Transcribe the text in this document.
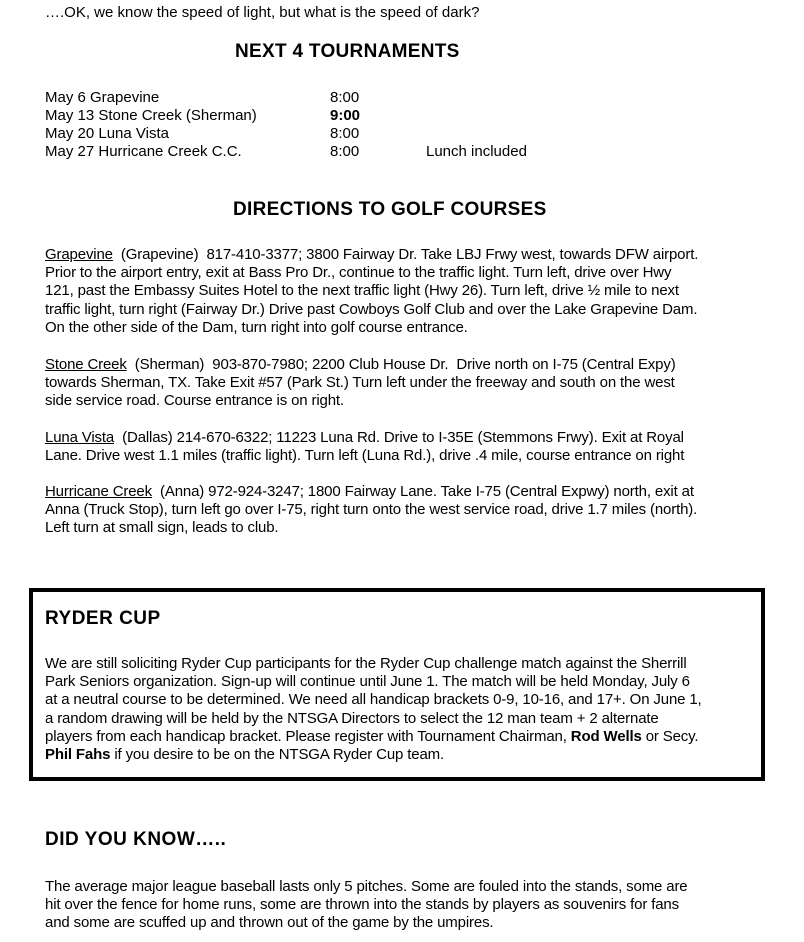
….OK, we know the speed of light, but what is the speed of dark?
NEXT 4 TOURNAMENTS
May 6 Grapevine	8:00
May 13 Stone Creek (Sherman)	9:00
May 20 Luna Vista	8:00
May 27 Hurricane Creek C.C.	8:00	Lunch included
DIRECTIONS TO GOLF COURSES
Grapevine  (Grapevine)  817-410-3377; 3800 Fairway Dr. Take LBJ Frwy west, towards DFW airport.
Prior to the airport entry, exit at Bass Pro Dr., continue to the traffic light. Turn left, drive over Hwy
121, past the Embassy Suites Hotel to the next traffic light (Hwy 26). Turn left, drive ½ mile to next
traffic light, turn right (Fairway Dr.) Drive past Cowboys Golf Club and over the Lake Grapevine Dam.
On the other side of the Dam, turn right into golf course entrance.
Stone Creek  (Sherman)  903-870-7980; 2200 Club House Dr.  Drive north on I-75 (Central Expy)
towards Sherman, TX. Take Exit #57 (Park St.) Turn left under the freeway and south on the west
side service road. Course entrance is on right.
Luna Vista  (Dallas) 214-670-6322; 11223 Luna Rd. Drive to I-35E (Stemmons Frwy). Exit at Royal
Lane. Drive west 1.1 miles (traffic light). Turn left (Luna Rd.), drive .4 mile, course entrance on right
Hurricane Creek  (Anna) 972-924-3247; 1800 Fairway Lane. Take I-75 (Central Expwy) north, exit at
Anna (Truck Stop), turn left go over I-75, right turn onto the west service road, drive 1.7 miles (north).
Left turn at small sign, leads to club.
RYDER CUP
We are still soliciting Ryder Cup participants for the Ryder Cup challenge match against the Sherrill
Park Seniors organization. Sign-up will continue until June 1. The match will be held Monday, July 6
at a neutral course to be determined. We need all handicap brackets 0-9, 10-16, and 17+. On June 1,
a random drawing will be held by the NTSGA Directors to select the 12 man team + 2 alternate
players from each handicap bracket. Please register with Tournament Chairman, Rod Wells or Secy.
Phil Fahs if you desire to be on the NTSGA Ryder Cup team.
DID YOU KNOW…..
The average major league baseball lasts only 5 pitches. Some are fouled into the stands, some are
hit over the fence for home runs, some are thrown into the stands by players as souvenirs for fans
and some are scuffed up and thrown out of the game by the umpires.
